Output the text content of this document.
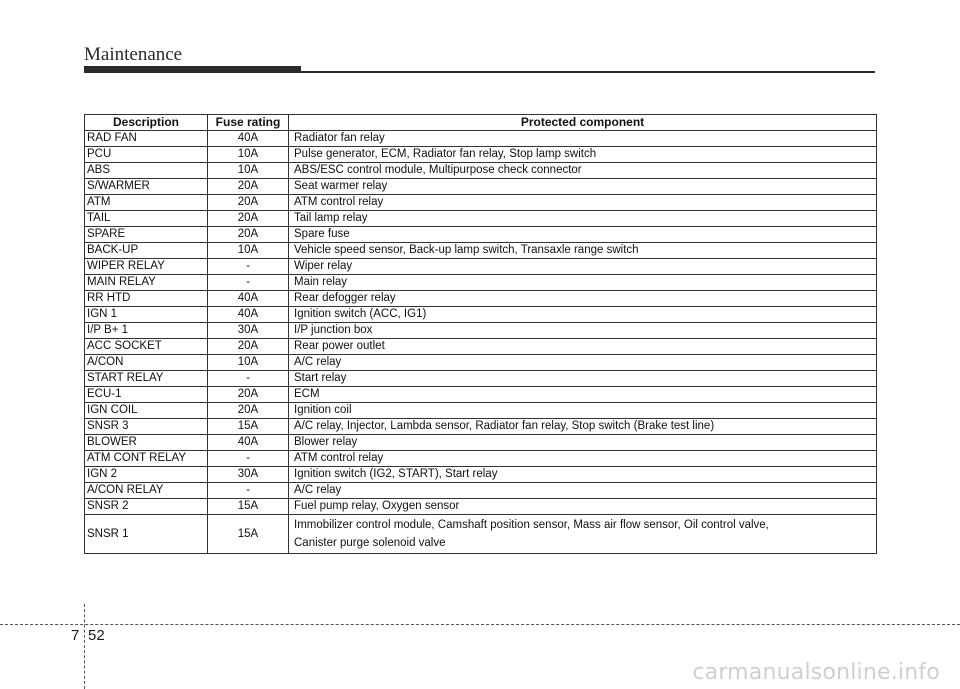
Maintenance
Description	Fuse rating	Protected component
RAD FAN	40A	Radiator fan relay
PCU	10A	Pulse generator, ECM, Radiator fan relay, Stop lamp switch
ABS	10A	ABS/ESC control module, Multipurpose check connector
S/WARMER	20A	Seat warmer relay
ATM	20A	ATM control relay
TAIL	20A	Tail lamp relay
SPARE	20A	Spare fuse
BACK-UP	10A	Vehicle speed sensor, Back-up lamp switch, Transaxle range switch
WIPER RELAY	-	Wiper relay
MAIN RELAY	-	Main relay
RR HTD	40A	Rear defogger relay
IGN 1	40A	Ignition switch (ACC, IG1)
I/P B+ 1	30A	I/P junction box
ACC SOCKET	20A	Rear power outlet
A/CON	10A	A/C relay
START RELAY	-	Start relay
ECU-1	20A	ECM
IGN COIL	20A	Ignition coil
SNSR 3	15A	A/C relay, Injector, Lambda sensor, Radiator fan relay, Stop switch (Brake test line)
BLOWER	40A	Blower relay
ATM CONT RELAY	-	ATM control relay
IGN 2	30A	Ignition switch (IG2, START), Start relay
A/CON RELAY	-	A/C relay
SNSR 2	15A	Fuel pump relay, Oxygen sensor
SNSR 1	15A	Immobilizer control module, Camshaft position sensor, Mass air flow sensor, Oil control valve,
Canister purge solenoid valve
7 52
carmanualsonline.info
